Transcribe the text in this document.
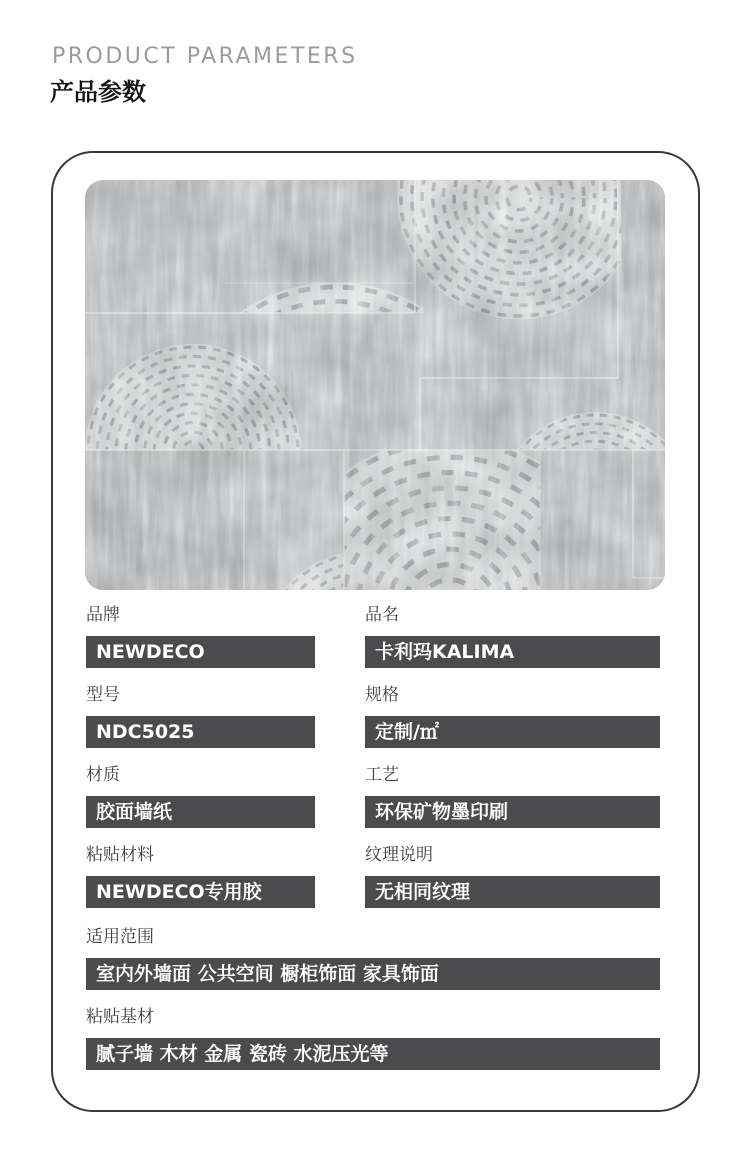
PRODUCT PARAMETERS
产品参数
品牌
NEWDECO
品名
卡利玛KALIMA
型号
NDC5025
规格
定制/㎡
材质
胶面墙纸
工艺
环保矿物墨印刷
粘贴材料
NEWDECO专用胶
纹理说明
无相同纹理
适用范围
室内外墙面 公共空间 橱柜饰面 家具饰面
粘贴基材
腻子墙 木材 金属 瓷砖 水泥压光等
